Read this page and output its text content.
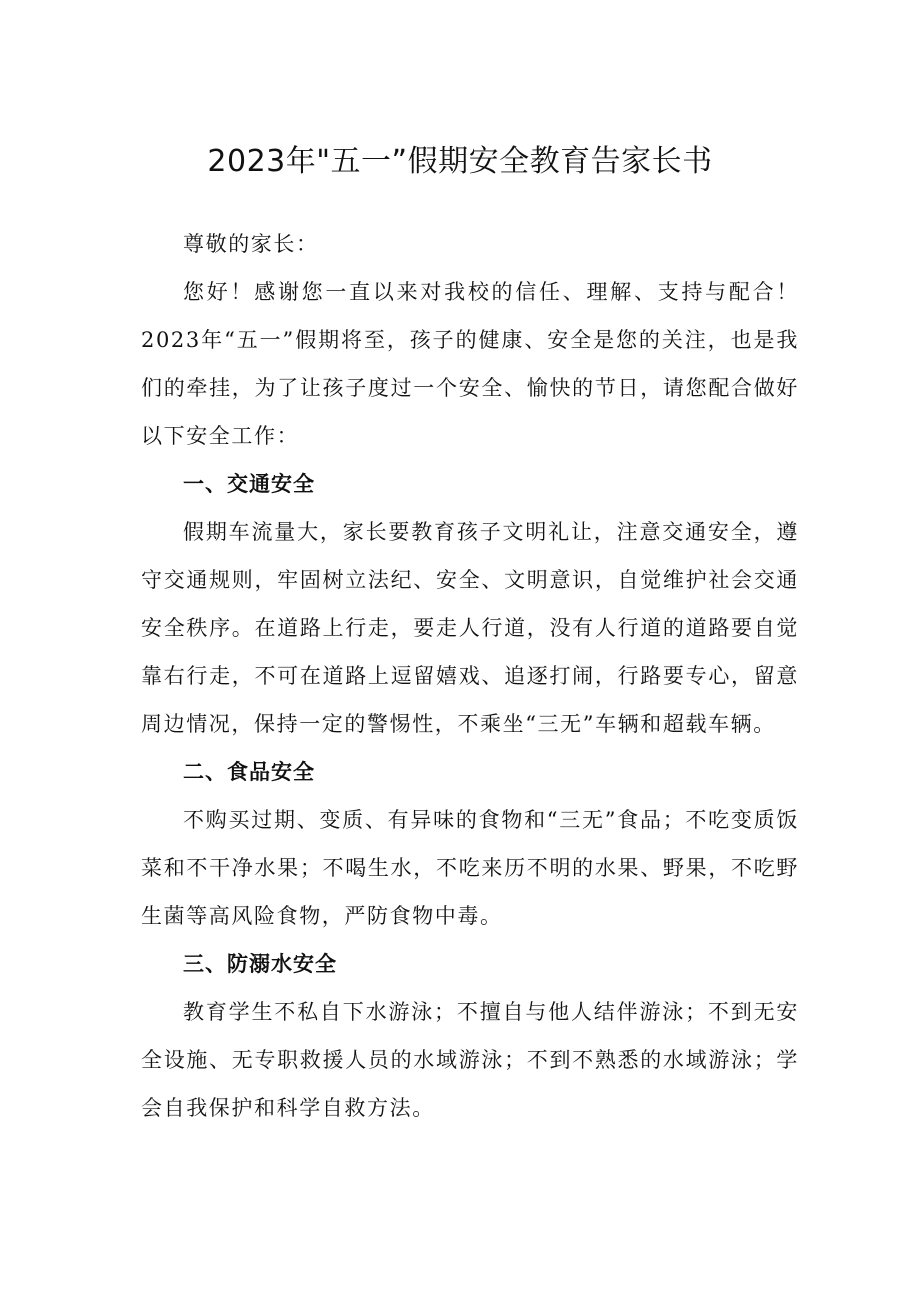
2023年"五一”假期安全教育告家长书

尊敬的家长：

您好！感谢您一直以来对我校的信任、理解、支持与配合！2023年“五一”假期将至，孩子的健康、安全是您的关注，也是我们的牵挂，为了让孩子度过一个安全、愉快的节日，请您配合做好以下安全工作：

一、交通安全

假期车流量大，家长要教育孩子文明礼让，注意交通安全，遵守交通规则，牢固树立法纪、安全、文明意识，自觉维护社会交通安全秩序。在道路上行走，要走人行道，没有人行道的道路要自觉靠右行走，不可在道路上逗留嬉戏、追逐打闹，行路要专心，留意周边情况，保持一定的警惕性，不乘坐“三无”车辆和超载车辆。

二、食品安全

不购买过期、变质、有异味的食物和“三无”食品；不吃变质饭菜和不干净水果；不喝生水，不吃来历不明的水果、野果，不吃野生菌等高风险食物，严防食物中毒。

三、防溺水安全

教育学生不私自下水游泳；不擅自与他人结伴游泳；不到无安全设施、无专职救援人员的水域游泳；不到不熟悉的水域游泳；学会自我保护和科学自救方法。
